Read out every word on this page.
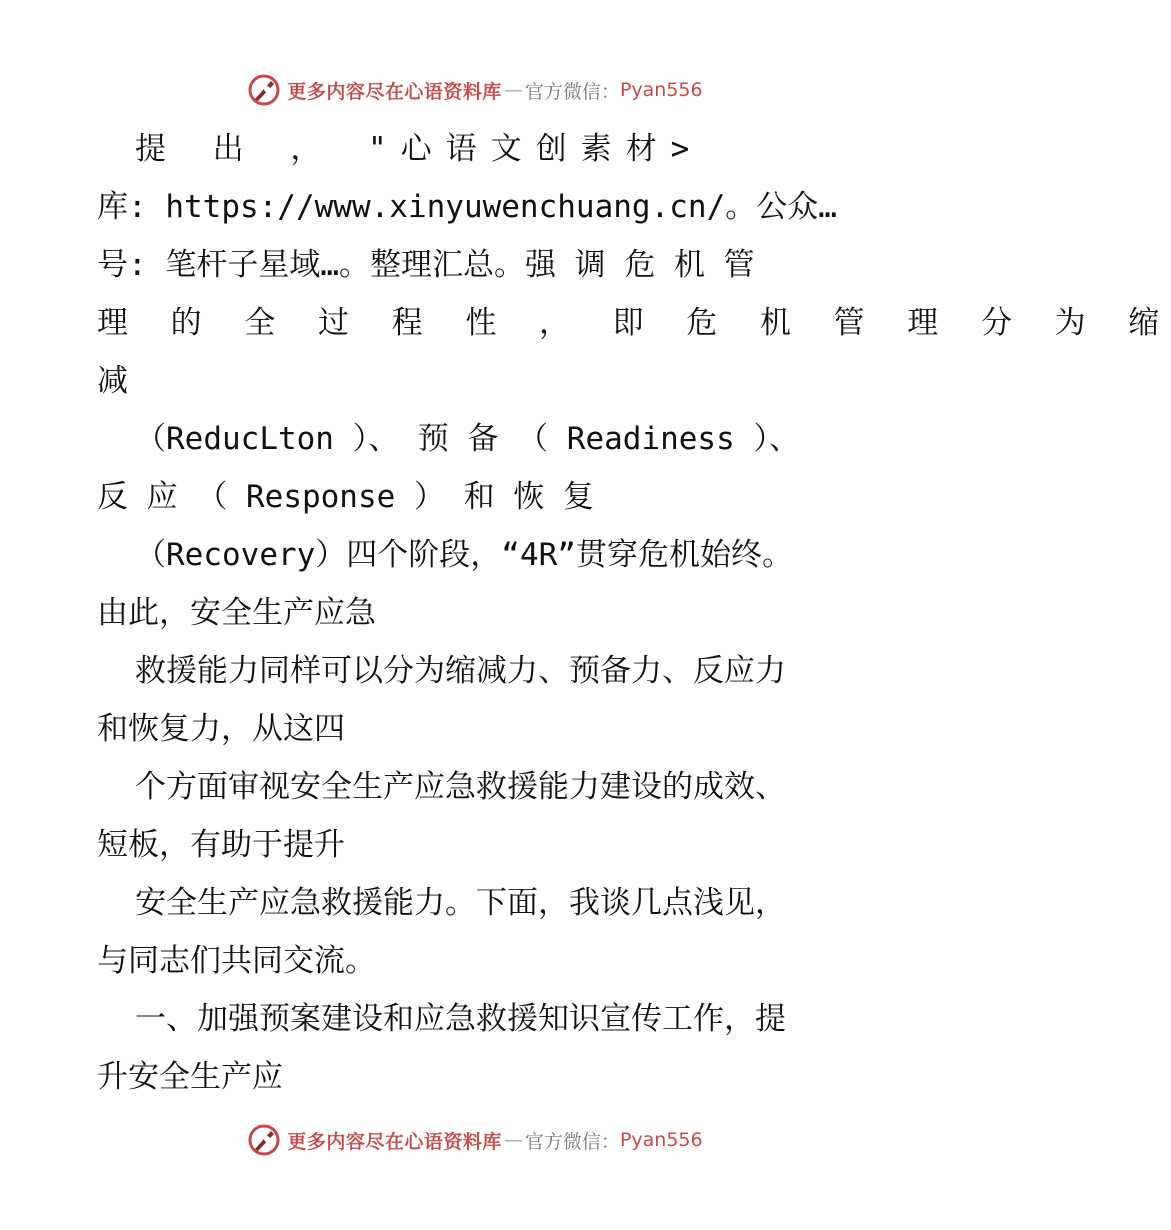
更多内容尽在心语资料库 — 官方微信： Pyan556
提 出 ， "心语文创素材>
库: https://www.xinyuwenchuang.cn/。公众…
号: 笔杆子星域…。整理汇总。强 调 危 机 管
理 的 全 过 程 性 ， 即 危 机 管 理 分 为 缩
减
（ReducLton ）、 预 备 （ Readiness ）、
反 应 （ Response ） 和 恢 复
（Recovery）四个阶段，“4R”贯穿危机始终。
由此，安全生产应急
救援能力同样可以分为缩减力、预备力、反应力
和恢复力，从这四
个方面审视安全生产应急救援能力建设的成效、
短板，有助于提升
安全生产应急救援能力。下面，我谈几点浅见，
与同志们共同交流。
一、加强预案建设和应急救援知识宣传工作，提
升安全生产应
更多内容尽在心语资料库 — 官方微信： Pyan556
